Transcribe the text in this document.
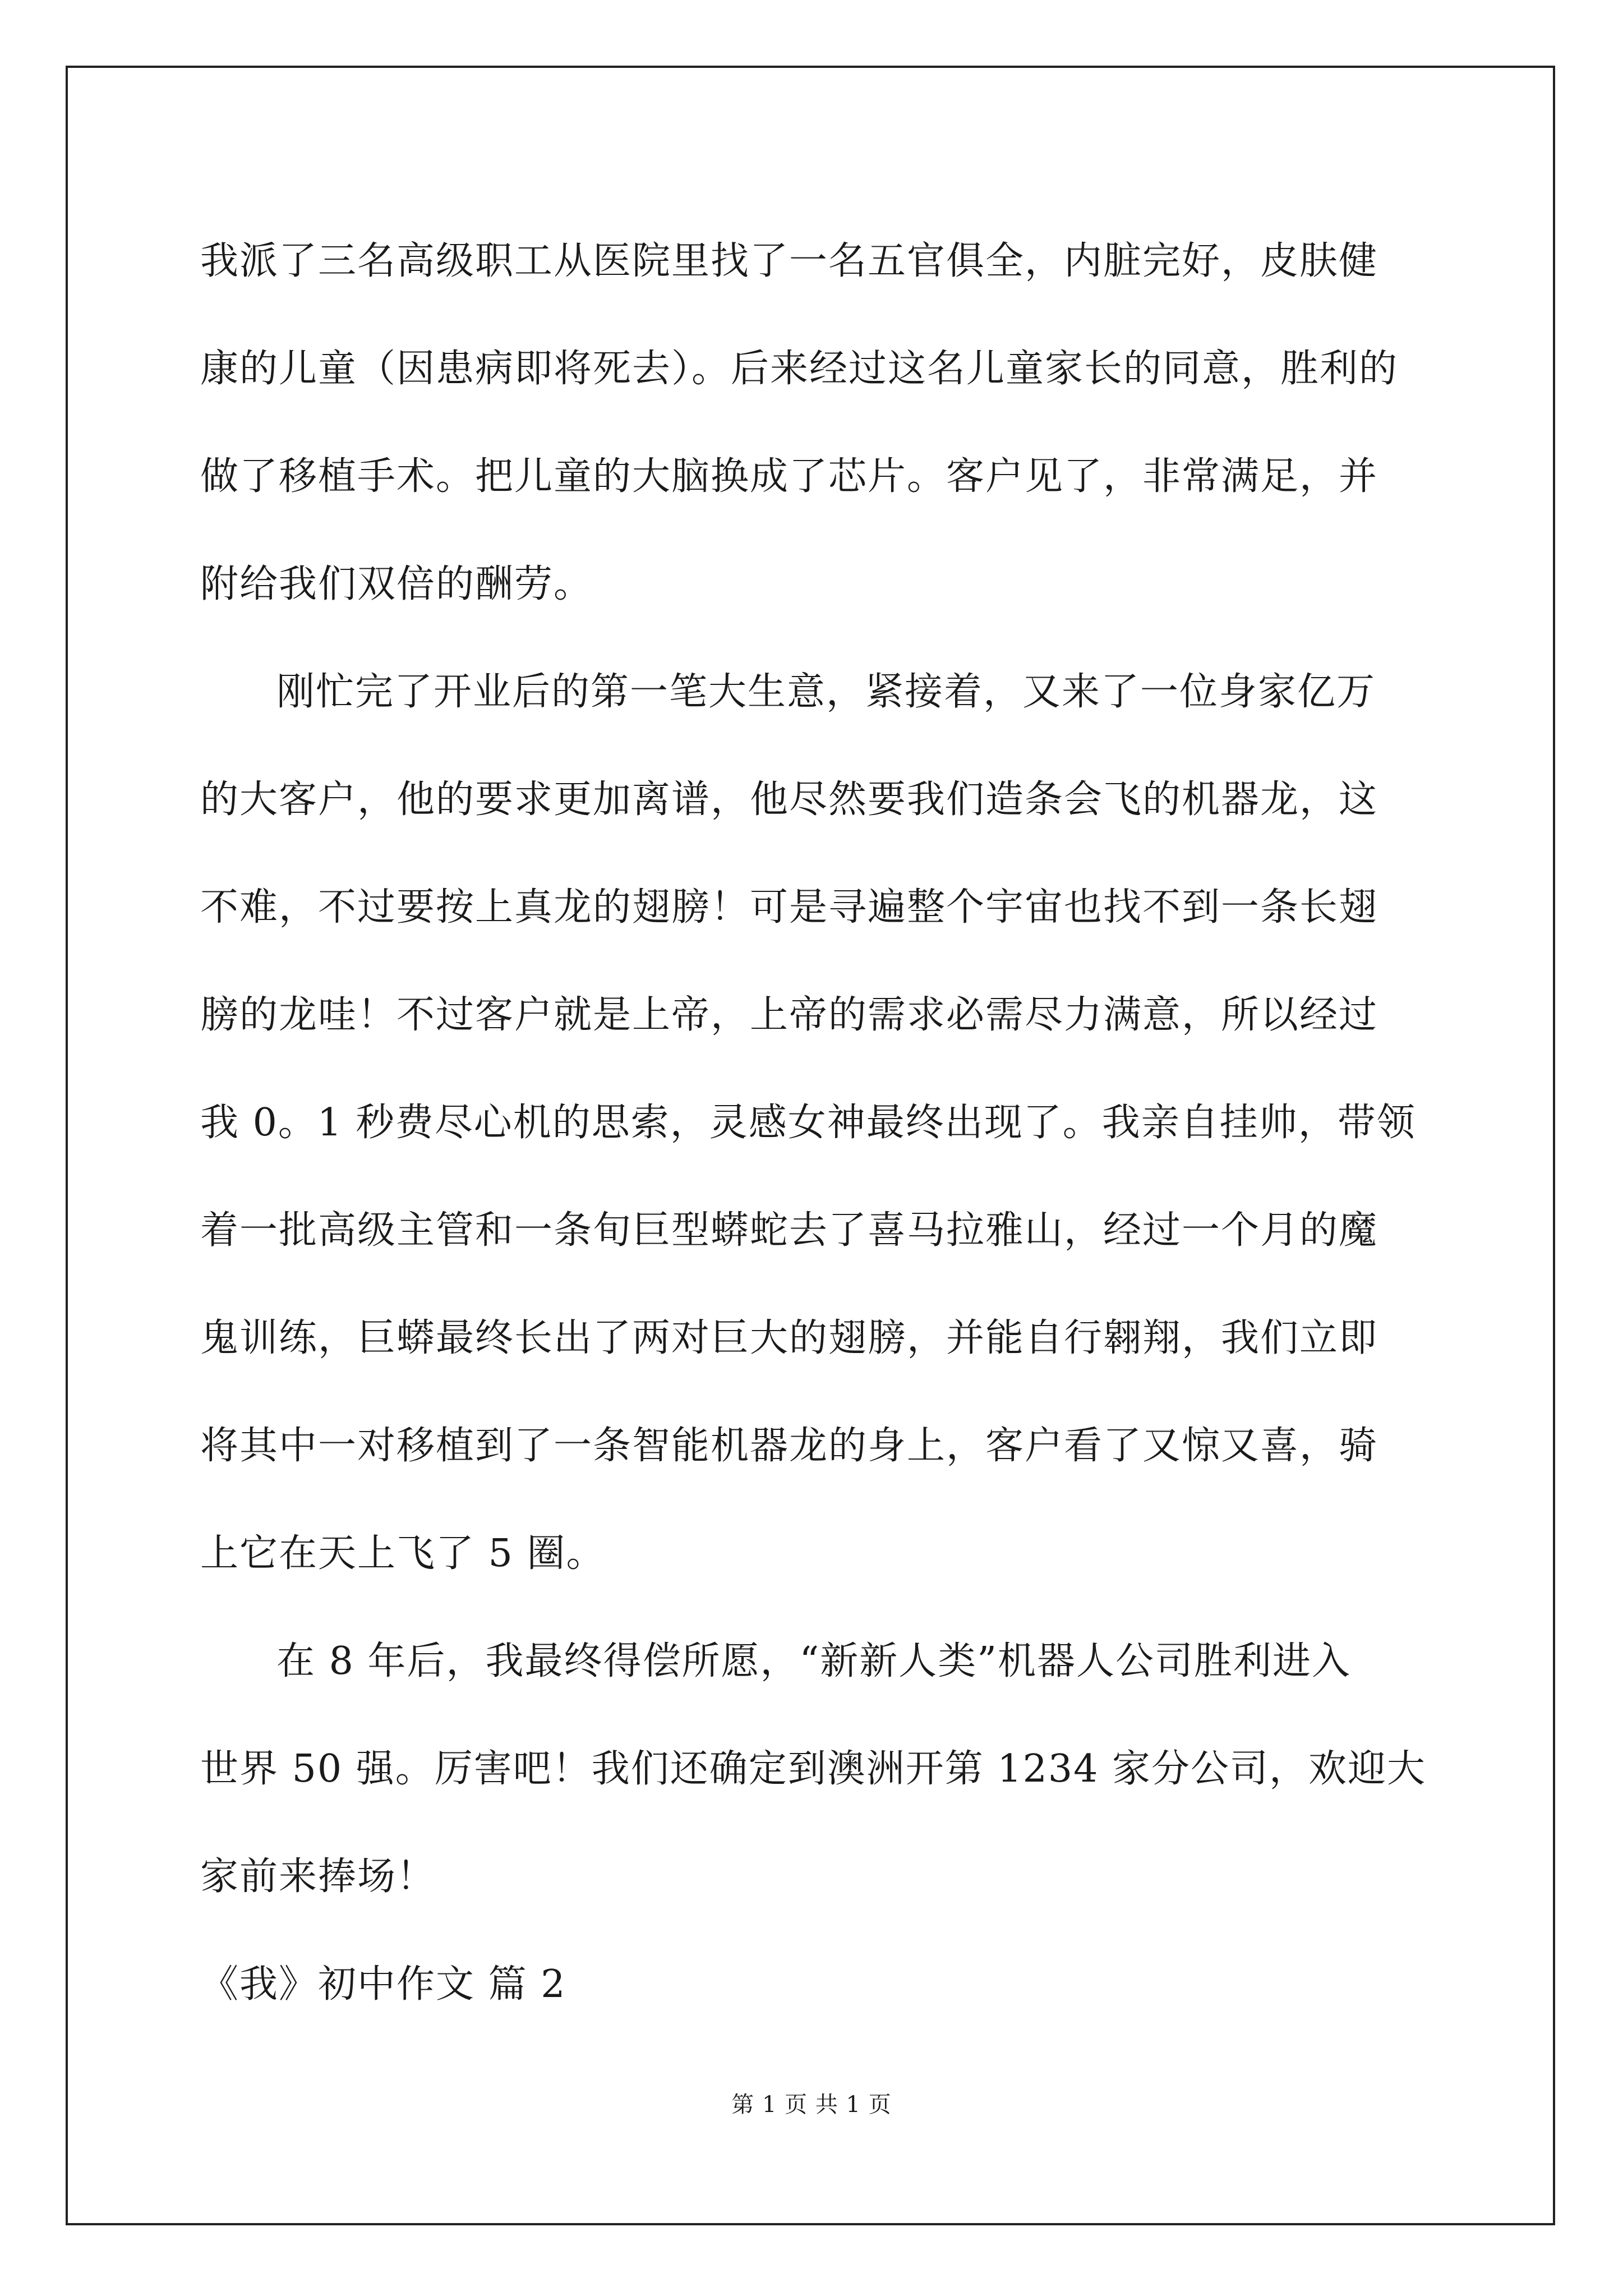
我派了三名高级职工从医院里找了一名五官俱全，内脏完好，皮肤健
康的儿童（因患病即将死去）。后来经过这名儿童家长的同意，胜利的
做了移植手术。把儿童的大脑换成了芯片。客户见了，非常满足，并
附给我们双倍的酬劳。
刚忙完了开业后的第一笔大生意，紧接着，又来了一位身家亿万
的大客户，他的要求更加离谱，他尽然要我们造条会飞的机器龙，这
不难，不过要按上真龙的翅膀！可是寻遍整个宇宙也找不到一条长翅
膀的龙哇！不过客户就是上帝，上帝的需求必需尽力满意，所以经过
我 0。1 秒费尽心机的思索，灵感女神最终出现了。我亲自挂帅，带领
着一批高级主管和一条旬巨型蟒蛇去了喜马拉雅山，经过一个月的魔
鬼训练，巨蟒最终长出了两对巨大的翅膀，并能自行翱翔，我们立即
将其中一对移植到了一条智能机器龙的身上，客户看了又惊又喜，骑
上它在天上飞了 5 圈。
在 8 年后，我最终得偿所愿，“新新人类”机器人公司胜利进入
世界 50 强。厉害吧！我们还确定到澳洲开第 1234 家分公司，欢迎大
家前来捧场！
《我》初中作文 篇 2
第 1 页 共 1 页
